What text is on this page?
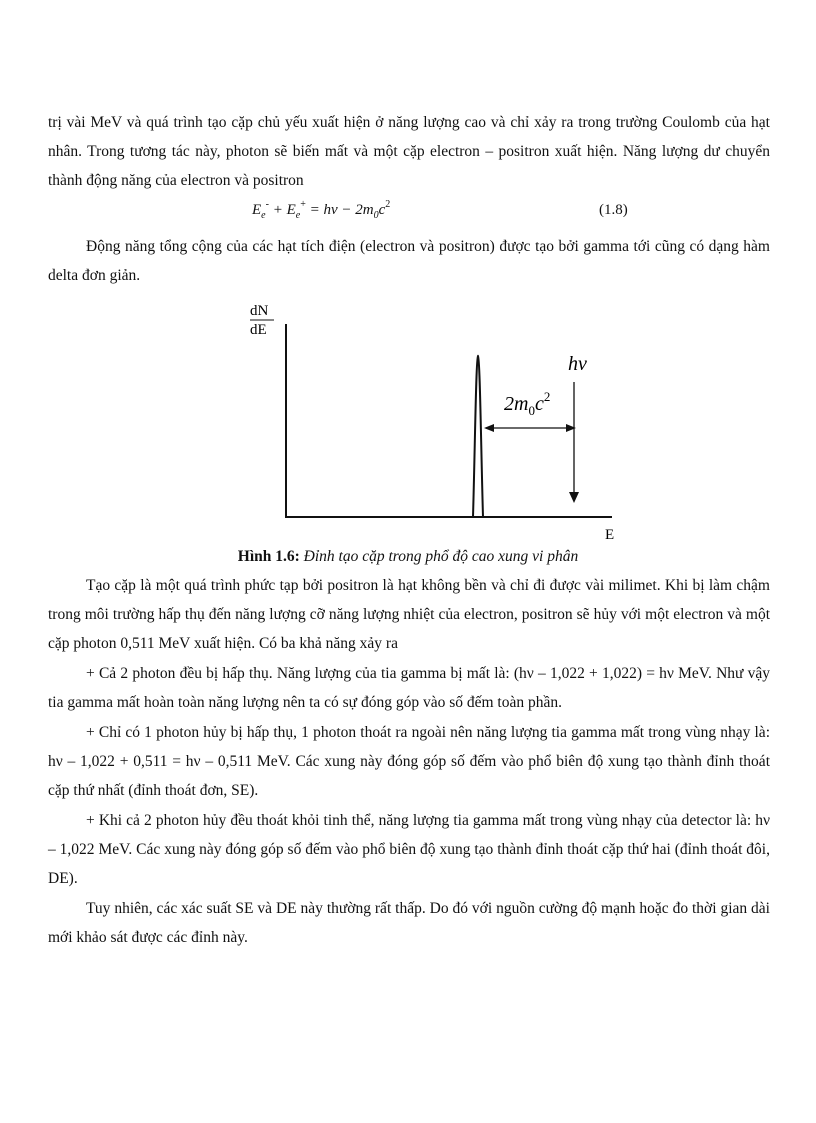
trị vài MeV và quá trình tạo cặp chủ yếu xuất hiện ở năng lượng cao và chỉ xảy ra trong trường Coulomb của hạt nhân. Trong tương tác này, photon sẽ biến mất và một cặp electron – positron xuất hiện. Năng lượng dư chuyển thành động năng của electron và positron

$E_e^- + E_e^+ = h\nu - 2m_0c^2$	(1.8)

Động năng tổng cộng của các hạt tích điện (electron và positron) được tạo bởi gamma tới cũng có dạng hàm delta đơn giản.

dN
dE
E
hν
$2m_0c^2$
Hình 1.6: Đỉnh tạo cặp trong phổ độ cao xung vi phân

Tạo cặp là một quá trình phức tạp bởi positron là hạt không bền và chỉ đi được vài milimet. Khi bị làm chậm trong môi trường hấp thụ đến năng lượng cỡ năng lượng nhiệt của electron, positron sẽ hủy với một electron và một cặp photon 0,511 MeV xuất hiện. Có ba khả năng xảy ra

+ Cả 2 photon đều bị hấp thụ. Năng lượng của tia gamma bị mất là: (hν – 1,022 + 1,022) = hν MeV. Như vậy tia gamma mất hoàn toàn năng lượng nên ta có sự đóng góp vào số đếm toàn phần.

+ Chỉ có 1 photon hủy bị hấp thụ, 1 photon thoát ra ngoài nên năng lượng tia gamma mất trong vùng nhạy là: hν – 1,022 + 0,511 = hν – 0,511 MeV. Các xung này đóng góp số đếm vào phổ biên độ xung tạo thành đỉnh thoát cặp thứ nhất (đỉnh thoát đơn, SE).

+ Khi cả 2 photon hủy đều thoát khỏi tinh thể, năng lượng tia gamma mất trong vùng nhạy của detector là: hν – 1,022 MeV. Các xung này đóng góp số đếm vào phổ biên độ xung tạo thành đỉnh thoát cặp thứ hai (đỉnh thoát đôi, DE).

Tuy nhiên, các xác suất SE và DE này thường rất thấp. Do đó với nguồn cường độ mạnh hoặc đo thời gian dài mới khảo sát được các đỉnh này.
